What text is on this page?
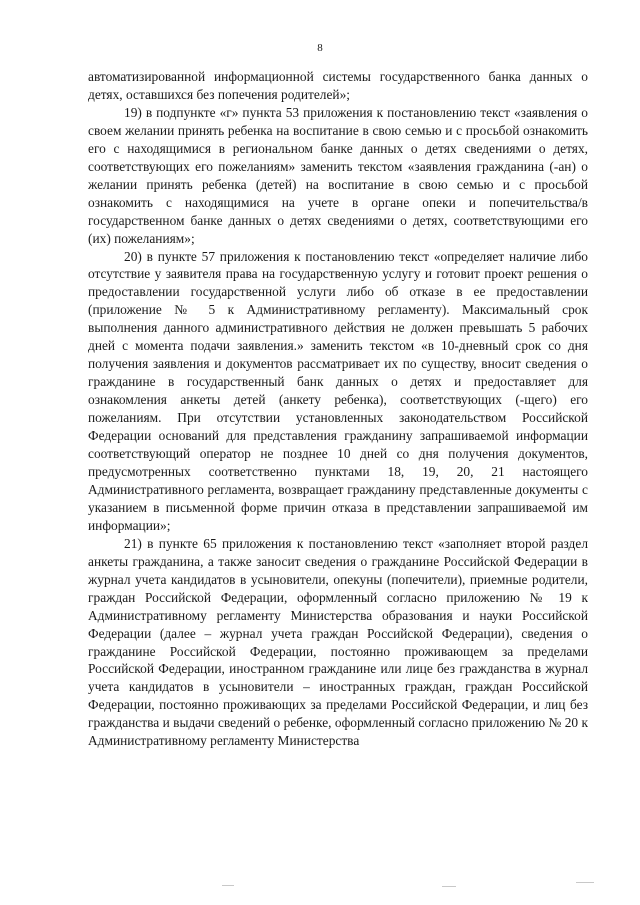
8

автоматизированной информационной системы государственного банка данных о детях, оставшихся без попечения родителей»;

19) в подпункте «г» пункта 53 приложения к постановлению текст «заявления о своем желании принять ребенка на воспитание в свою семью и с просьбой ознакомить его с находящимися в региональном банке данных о детях сведениями о детях, соответствующих его пожеланиям» заменить текстом «заявления гражданина (-ан) о желании принять ребенка (детей) на воспитание в свою семью и с просьбой ознакомить с находящимися на учете в органе опеки и попечительства/в государственном банке данных о детях сведениями о детях, соответствующими его (их) пожеланиям»;

20) в пункте 57 приложения к постановлению текст «определяет наличие либо отсутствие у заявителя права на государственную услугу и готовит проект решения о предоставлении государственной услуги либо об отказе в ее предоставлении (приложение № 5 к Административному регламенту). Максимальный срок выполнения данного административного действия не должен превышать 5 рабочих дней с момента подачи заявления.» заменить текстом «в 10-дневный срок со дня получения заявления и документов рассматривает их по существу, вносит сведения о гражданине в государственный банк данных о детях и предоставляет для ознакомления анкеты детей (анкету ребенка), соответствующих (-щего) его пожеланиям. При отсутствии установленных законодательством Российской Федерации оснований для представления гражданину запрашиваемой информации соответствующий оператор не позднее 10 дней со дня получения документов, предусмотренных соответственно пунктами 18, 19, 20, 21 настоящего Административного регламента, возвращает гражданину представленные документы с указанием в письменной форме причин отказа в представлении запрашиваемой им информации»;

21) в пункте 65 приложения к постановлению текст «заполняет второй раздел анкеты гражданина, а также заносит сведения о гражданине Российской Федерации в журнал учета кандидатов в усыновители, опекуны (попечители), приемные родители, граждан Российской Федерации, оформленный согласно приложению № 19 к Административному регламенту Министерства образования и науки Российской Федерации (далее – журнал учета граждан Российской Федерации), сведения о гражданине Российской Федерации, постоянно проживающем за пределами Российской Федерации, иностранном гражданине или лице без гражданства в журнал учета кандидатов в усыновители – иностранных граждан, граждан Российской Федерации, постоянно проживающих за пределами Российской Федерации, и лиц без гражданства и выдачи сведений о ребенке, оформленный согласно приложению № 20 к Административному регламенту Министерства
